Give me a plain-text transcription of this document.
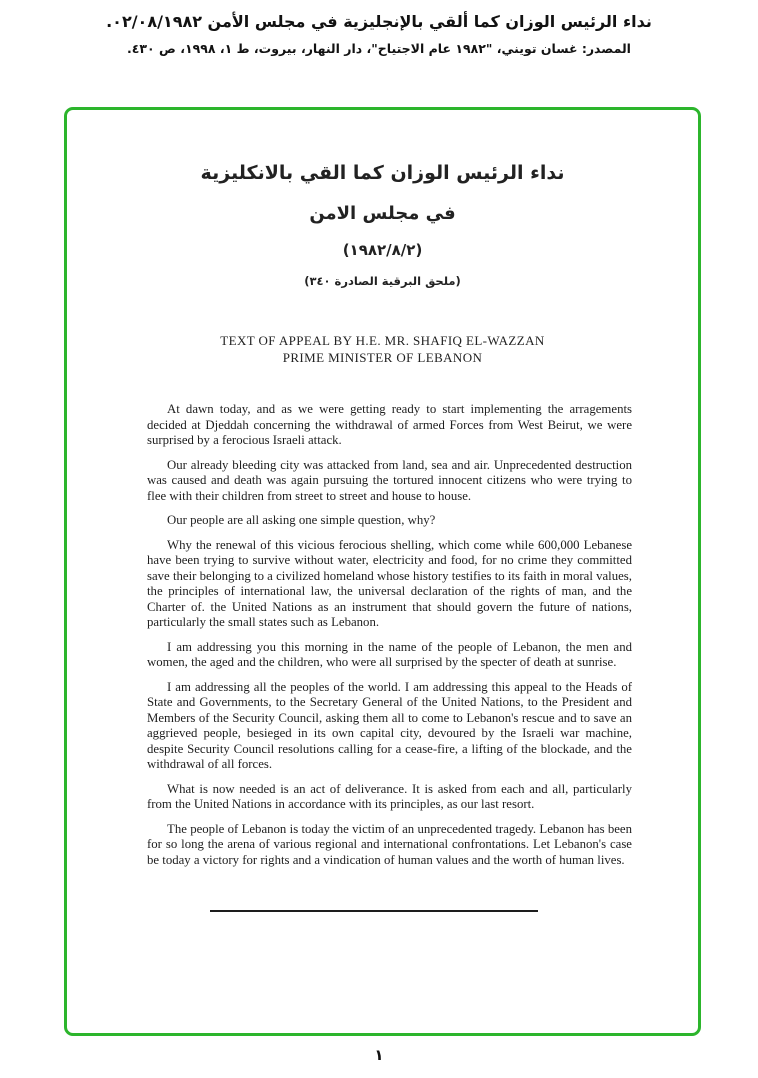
نداء الرئيس الوزان كما ألقي بالإنجليزية في مجلس الأمن ٠٢/٠٨/١٩٨٢.
المصدر: غسان تويني، "١٩٨٢ عام الاجتياح"، دار النهار، بيروت، ط ١، ١٩٩٨، ص ٤٣٠.
نداء الرئيس الوزان كما القي بالانكليزية
في مجلس الامن
(١٩٨٢/٨/٢)
(ملحق البرقية الصادرة ٣٤٠)
TEXT OF APPEAL BY H.E. MR. SHAFIQ EL-WAZZAN
PRIME MINISTER OF LEBANON

At dawn today, and as we were getting ready to start implementing the arragements decided at Djeddah concerning the withdrawal of armed Forces from West Beirut, we were surprised by a ferocious Israeli attack.

Our already bleeding city was attacked from land, sea and air. Unprecedented destruction was caused and death was again pursuing the tortured innocent citizens who were trying to flee with their children from street to street and house to house.

Our people are all asking one simple question, why?

Why the renewal of this vicious ferocious shelling, which come while 600,000 Lebanese have been trying to survive without water, electricity and food, for no crime they committed save their belonging to a civilized homeland whose history testifies to its faith in moral values, the principles of international law, the universal declaration of the rights of man, and the Charter of. the United Nations as an instrument that should govern the future of nations, particularly the small states such as Lebanon.

I am addressing you this morning in the name of the people of Lebanon, the men and women, the aged and the children, who were all surprised by the specter of death at sunrise.

I am addressing all the peoples of the world. I am addressing this appeal to the Heads of State and Governments, to the Secretary General of the United Nations, to the President and Members of the Security Council, asking them all to come to Lebanon's rescue and to save an aggrieved people, besieged in its own capital city, devoured by the Israeli war machine, despite Security Council resolutions calling for a cease-fire, a lifting of the blockade, and the withdrawal of all forces.

What is now needed is an act of deliverance. It is asked from each and all, particularly from the United Nations in accordance with its principles, as our last resort.

The people of Lebanon is today the victim of an unprecedented tragedy. Lebanon has been for so long the arena of various regional and international confrontations. Let Lebanon's case be today a victory for rights and a vindication of human values and the worth of human lives.

١
